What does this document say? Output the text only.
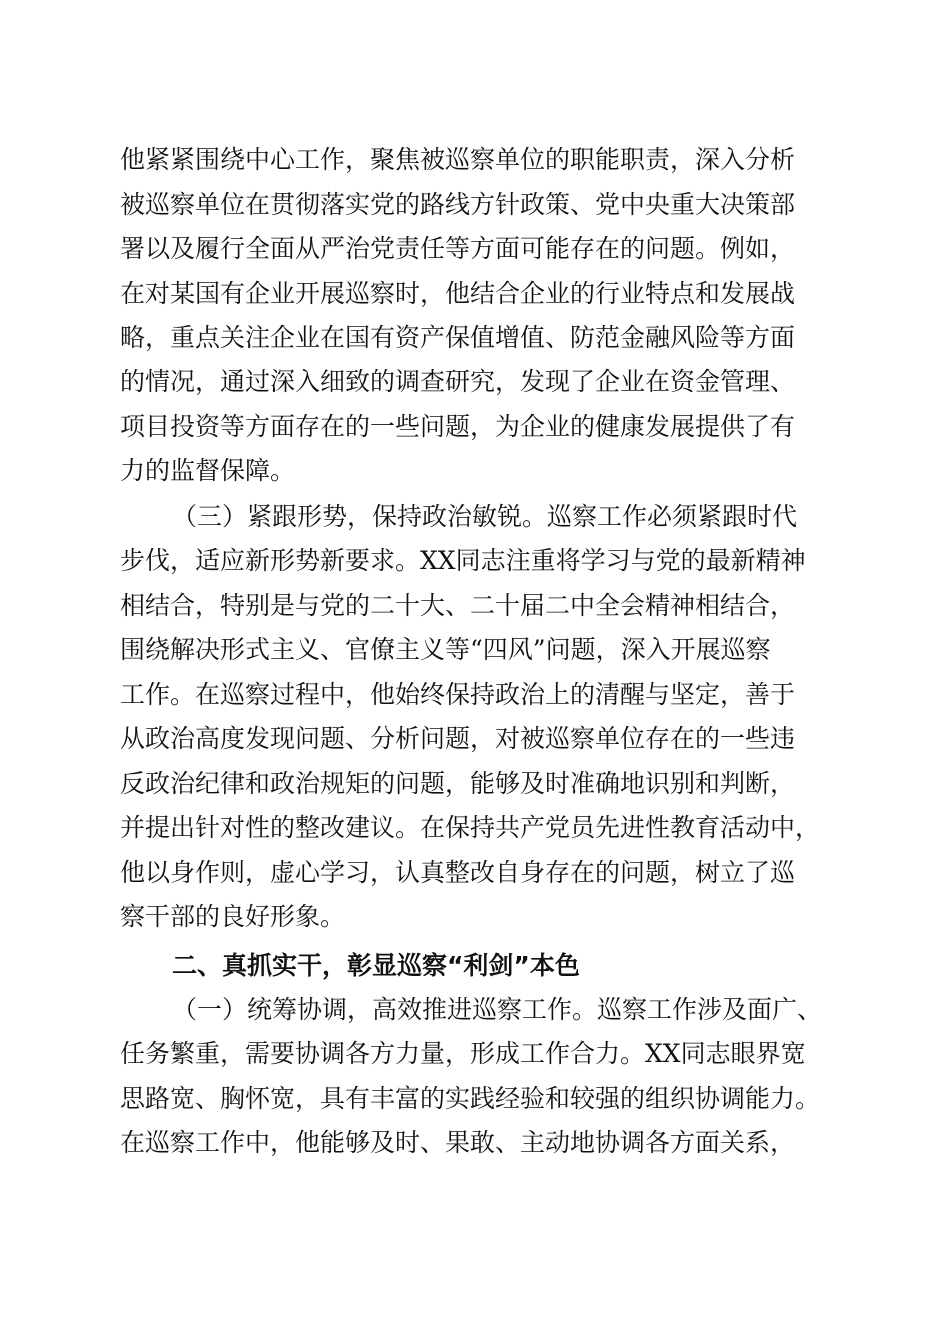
他紧紧围绕中心工作，聚焦被巡察单位的职能职责，深入分析
被巡察单位在贯彻落实党的路线方针政策、党中央重大决策部
署以及履行全面从严治党责任等方面可能存在的问题。例如，
在对某国有企业开展巡察时，他结合企业的行业特点和发展战
略，重点关注企业在国有资产保值增值、防范金融风险等方面
的情况，通过深入细致的调查研究，发现了企业在资金管理、
项目投资等方面存在的一些问题，为企业的健康发展提供了有
力的监督保障。
（三）紧跟形势，保持政治敏锐。巡察工作必须紧跟时代
步伐，适应新形势新要求。XX同志注重将学习与党的最新精神
相结合，特别是与党的二十大、二十届二中全会精神相结合，
围绕解决形式主义、官僚主义等“四风”问题，深入开展巡察
工作。在巡察过程中，他始终保持政治上的清醒与坚定，善于
从政治高度发现问题、分析问题，对被巡察单位存在的一些违
反政治纪律和政治规矩的问题，能够及时准确地识别和判断，
并提出针对性的整改建议。在保持共产党员先进性教育活动中，
他以身作则，虚心学习，认真整改自身存在的问题，树立了巡
察干部的良好形象。
二、真抓实干，彰显巡察“利剑”本色
（一）统筹协调，高效推进巡察工作。巡察工作涉及面广、
任务繁重，需要协调各方力量，形成工作合力。XX同志眼界宽
思路宽、胸怀宽，具有丰富的实践经验和较强的组织协调能力。
在巡察工作中，他能够及时、果敢、主动地协调各方面关系，
